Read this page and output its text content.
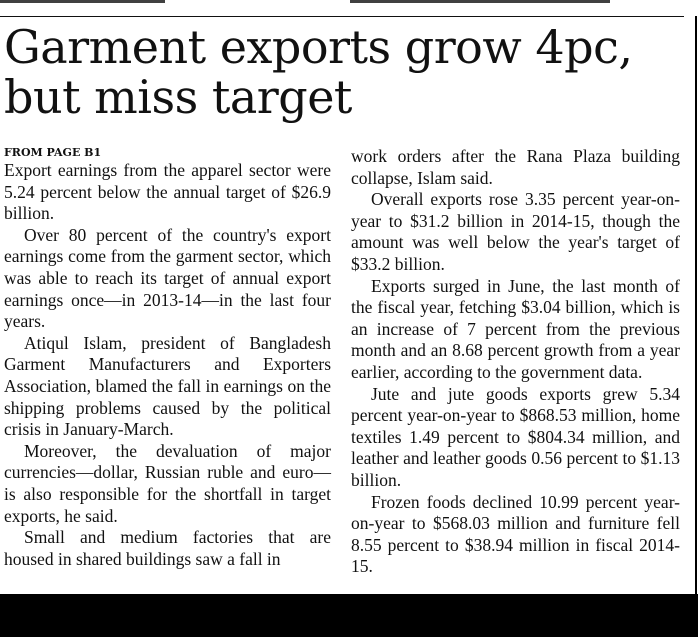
Garment exports grow 4pc, but miss target
FROM PAGE B1

Export earnings from the apparel sector were 5.24 percent below the annual target of $26.9 billion.

Over 80 percent of the country's export earnings come from the garment sector, which was able to reach its target of annual export earnings once—in 2013-14—in the last four years.

Atiqul Islam, president of Bangladesh Garment Manufacturers and Exporters Association, blamed the fall in earnings on the shipping problems caused by the political crisis in January-March.

Moreover, the devaluation of major currencies—dollar, Russian ruble and euro—is also responsible for the shortfall in target exports, he said.

Small and medium factories that are housed in shared buildings saw a fall in

work orders after the Rana Plaza building collapse, Islam said.

Overall exports rose 3.35 percent year-on-year to $31.2 billion in 2014-15, though the amount was well below the year's target of $33.2 billion.

Exports surged in June, the last month of the fiscal year, fetching $3.04 billion, which is an increase of 7 percent from the previous month and an 8.68 percent growth from a year earlier, according to the government data.

Jute and jute goods exports grew 5.34 percent year-on-year to $868.53 million, home textiles 1.49 percent to $804.34 million, and leather and leather goods 0.56 percent to $1.13 billion.

Frozen foods declined 10.99 percent year-on-year to $568.03 million and furniture fell 8.55 percent to $38.94 million in fiscal 2014-15.
